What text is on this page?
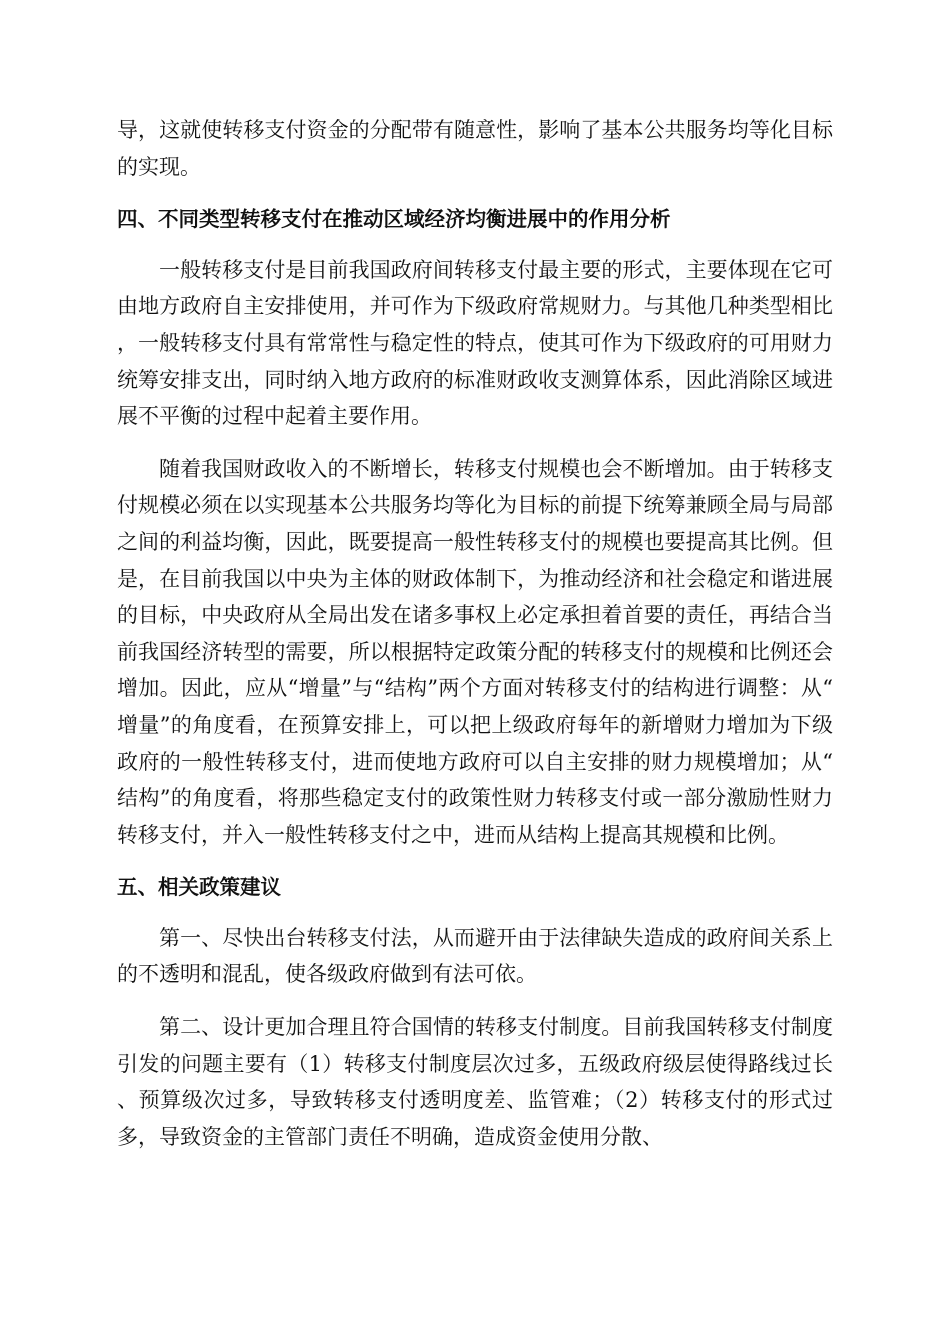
导，这就使转移支付资金的分配带有随意性，影响了基本公共服务均等化目标的实现。

四、不同类型转移支付在推动区域经济均衡进展中的作用分析

一般转移支付是目前我国政府间转移支付最主要的形式，主要体现在它可由地方政府自主安排使用，并可作为下级政府常规财力。与其他几种类型相比，一般转移支付具有常常性与稳定性的特点，使其可作为下级政府的可用财力统筹安排支出，同时纳入地方政府的标准财政收支测算体系，因此消除区域进展不平衡的过程中起着主要作用。

随着我国财政收入的不断增长，转移支付规模也会不断增加。由于转移支付规模必须在以实现基本公共服务均等化为目标的前提下统筹兼顾全局与局部之间的利益均衡，因此，既要提高一般性转移支付的规模也要提高其比例。但是，在目前我国以中央为主体的财政体制下，为推动经济和社会稳定和谐进展的目标，中央政府从全局出发在诸多事权上必定承担着首要的责任，再结合当前我国经济转型的需要，所以根据特定政策分配的转移支付的规模和比例还会增加。因此，应从“增量”与“结构”两个方面对转移支付的结构进行调整：从“增量”的角度看，在预算安排上，可以把上级政府每年的新增财力增加为下级政府的一般性转移支付，进而使地方政府可以自主安排的财力规模增加；从“结构”的角度看，将那些稳定支付的政策性财力转移支付或一部分激励性财力转移支付，并入一般性转移支付之中，进而从结构上提高其规模和比例。

五、相关政策建议

第一、尽快出台转移支付法，从而避开由于法律缺失造成的政府间关系上的不透明和混乱，使各级政府做到有法可依。

第二、设计更加合理且符合国情的转移支付制度。目前我国转移支付制度引发的问题主要有（1）转移支付制度层次过多，五级政府级层使得路线过长、预算级次过多，导致转移支付透明度差、监管难；（2）转移支付的形式过多，导致资金的主管部门责任不明确，造成资金使用分散、
